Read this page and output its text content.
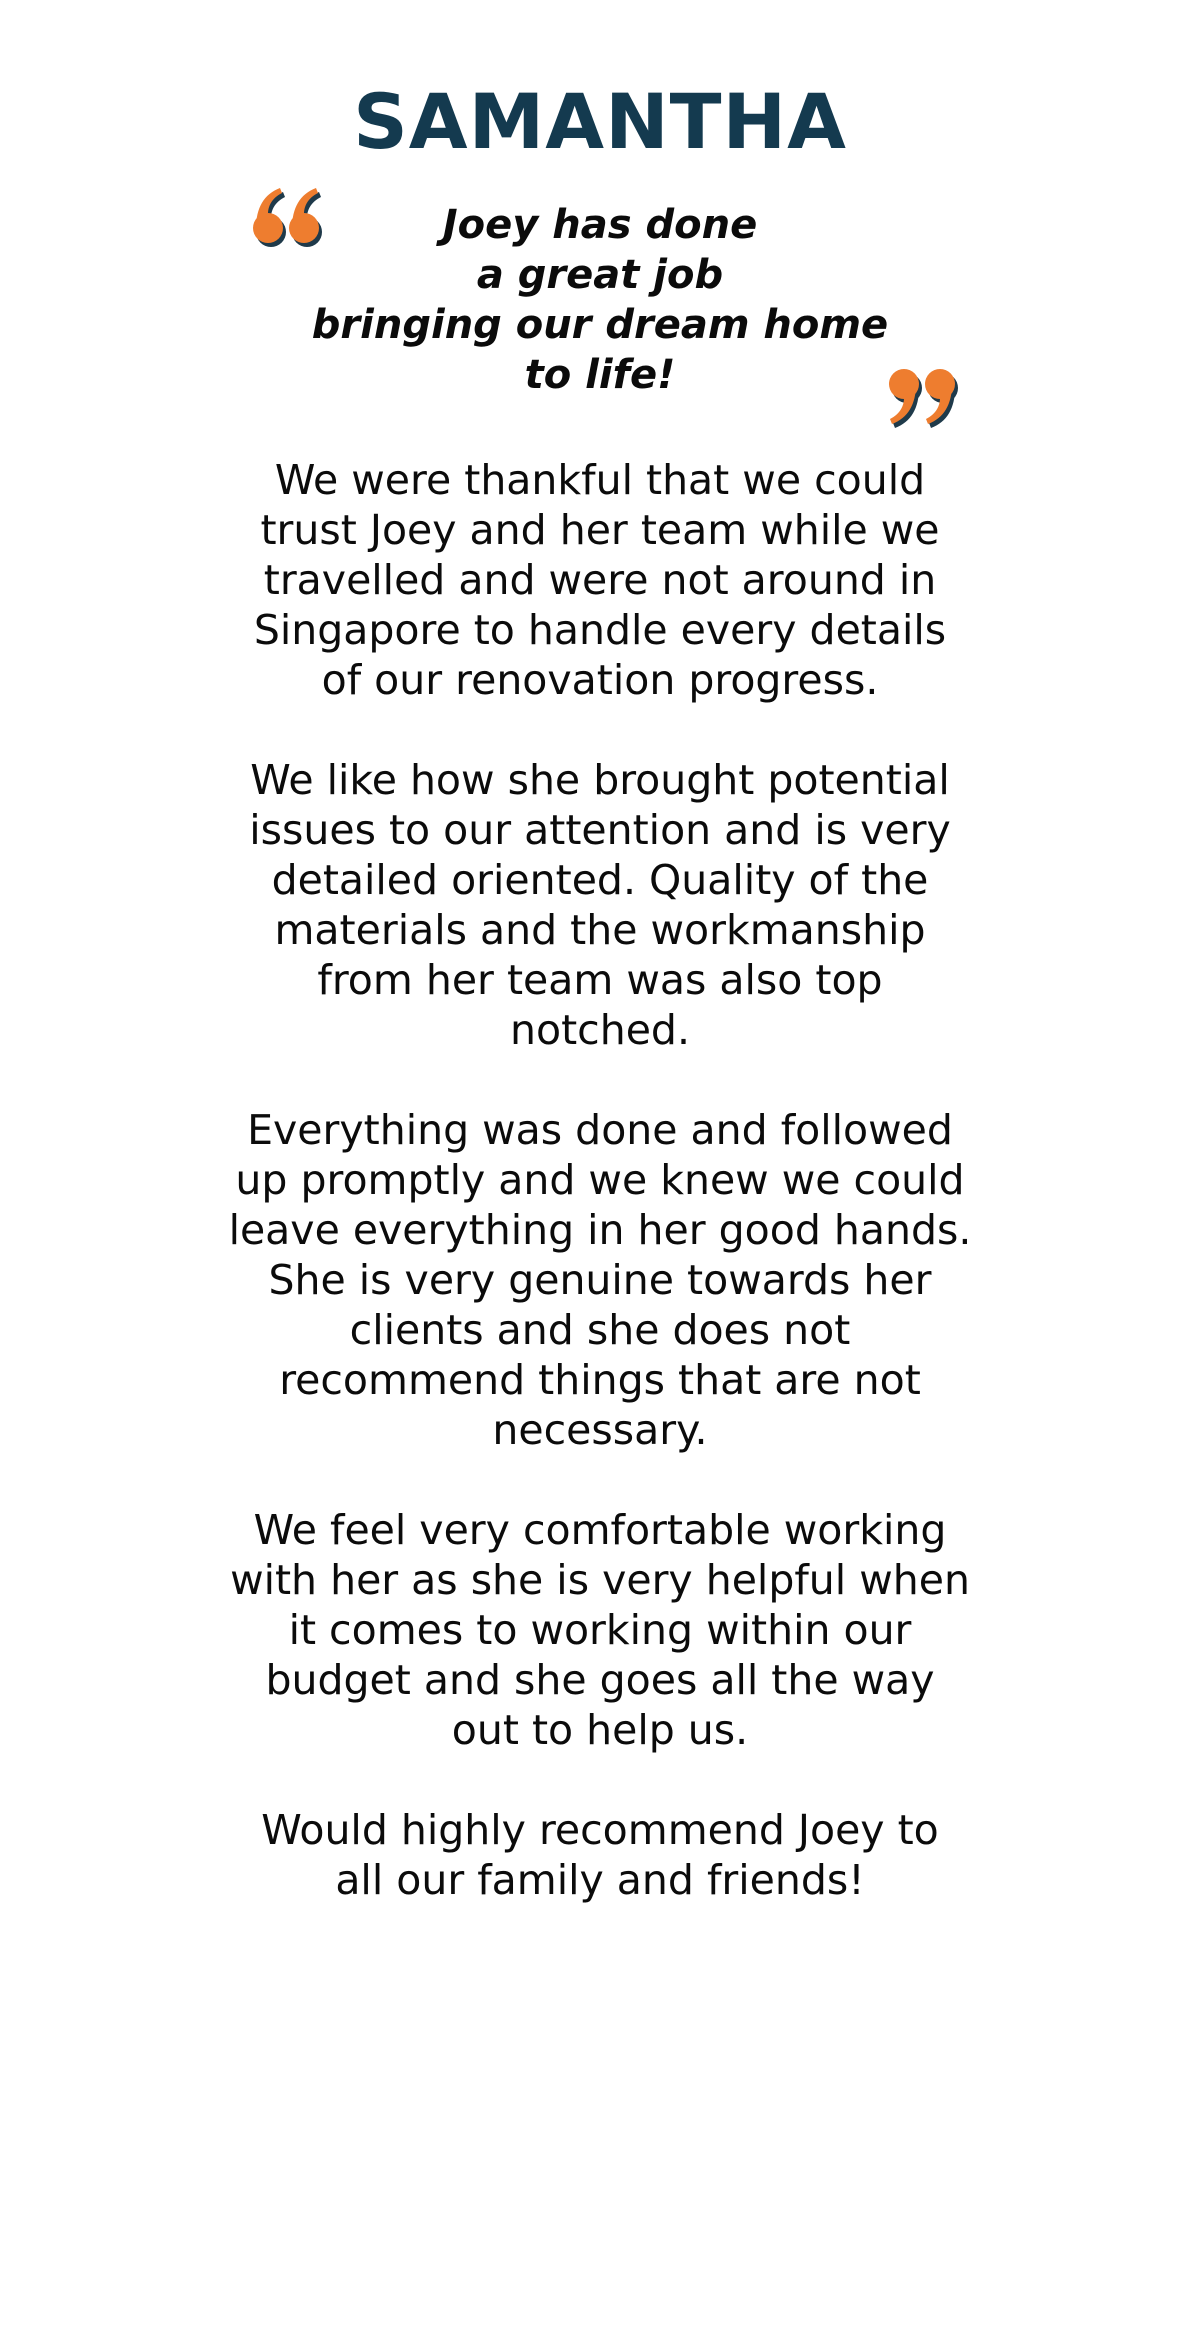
SAMANTHA
Joey has done
a great job
bringing our dream home
to life!

We were thankful that we could
trust Joey and her team while we
travelled and were not around in
Singapore to handle every details
of our renovation progress.

We like how she brought potential
issues to our attention and is very
detailed oriented. Quality of the
materials and the workmanship
from her team was also top
notched.

Everything was done and followed
up promptly and we knew we could
leave everything in her good hands.
She is very genuine towards her
clients and she does not
recommend things that are not
necessary.

We feel very comfortable working
with her as she is very helpful when
it comes to working within our
budget and she goes all the way
out to help us.

Would highly recommend Joey to
all our family and friends!
